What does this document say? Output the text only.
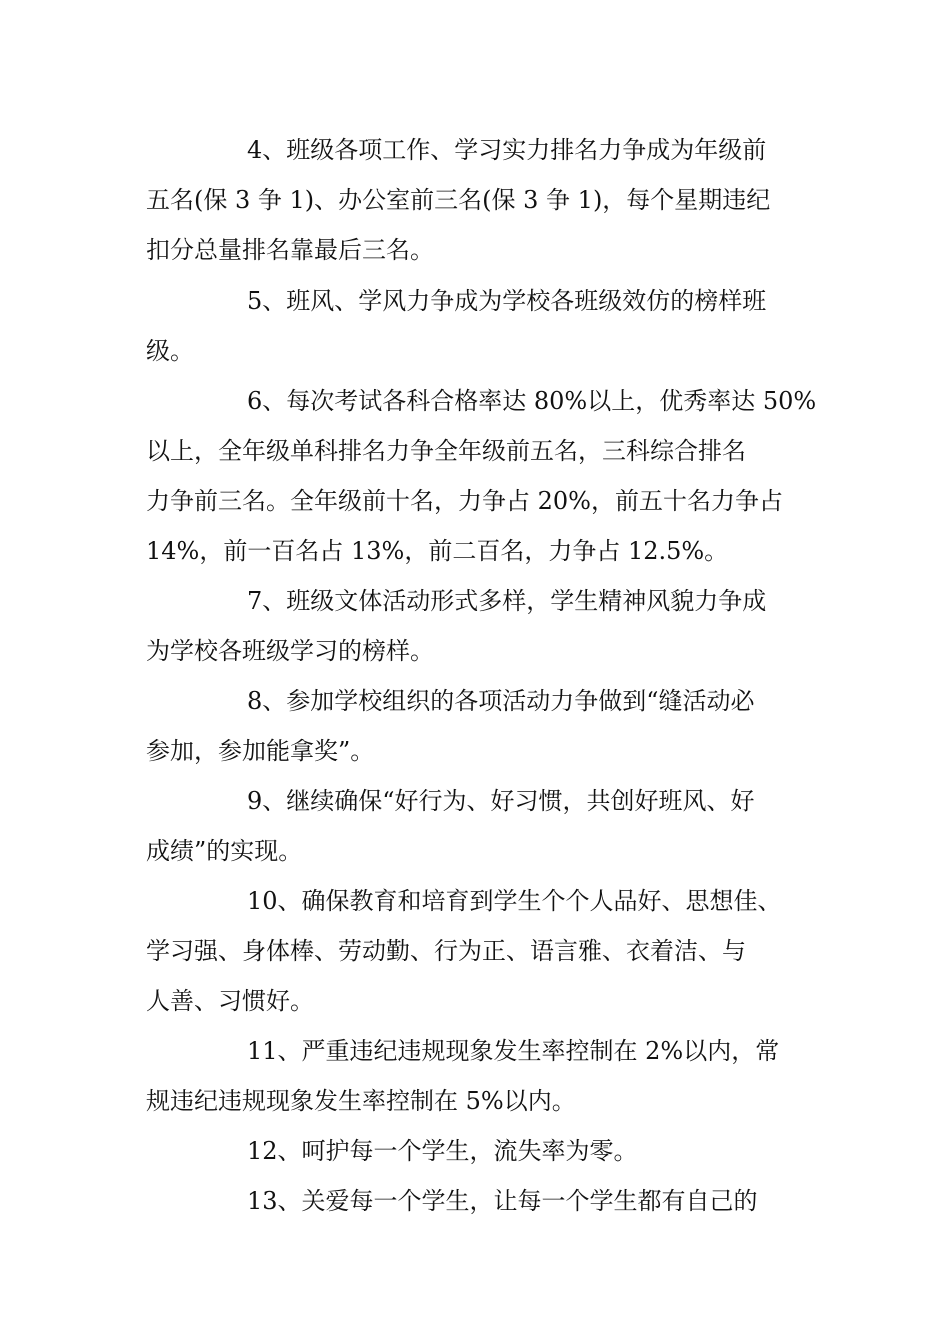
4、班级各项工作、学习实力排名力争成为年级前
五名(保 3 争 1)、办公室前三名(保 3 争 1)，每个星期违纪
扣分总量排名靠最后三名。
5、班风、学风力争成为学校各班级效仿的榜样班
级。
6、每次考试各科合格率达 80%以上，优秀率达 50%
以上，全年级单科排名力争全年级前五名，三科综合排名
力争前三名。全年级前十名，力争占 20%，前五十名力争占
14%，前一百名占 13%，前二百名，力争占 12.5%。
7、班级文体活动形式多样，学生精神风貌力争成
为学校各班级学习的榜样。
8、参加学校组织的各项活动力争做到“缝活动必
参加，参加能拿奖”。
9、继续确保“好行为、好习惯，共创好班风、好
成绩”的实现。
10、确保教育和培育到学生个个人品好、思想佳、
学习强、身体棒、劳动勤、行为正、语言雅、衣着洁、与
人善、习惯好。
11、严重违纪违规现象发生率控制在 2%以内，常
规违纪违规现象发生率控制在 5%以内。
12、呵护每一个学生，流失率为零。
13、关爱每一个学生，让每一个学生都有自己的
